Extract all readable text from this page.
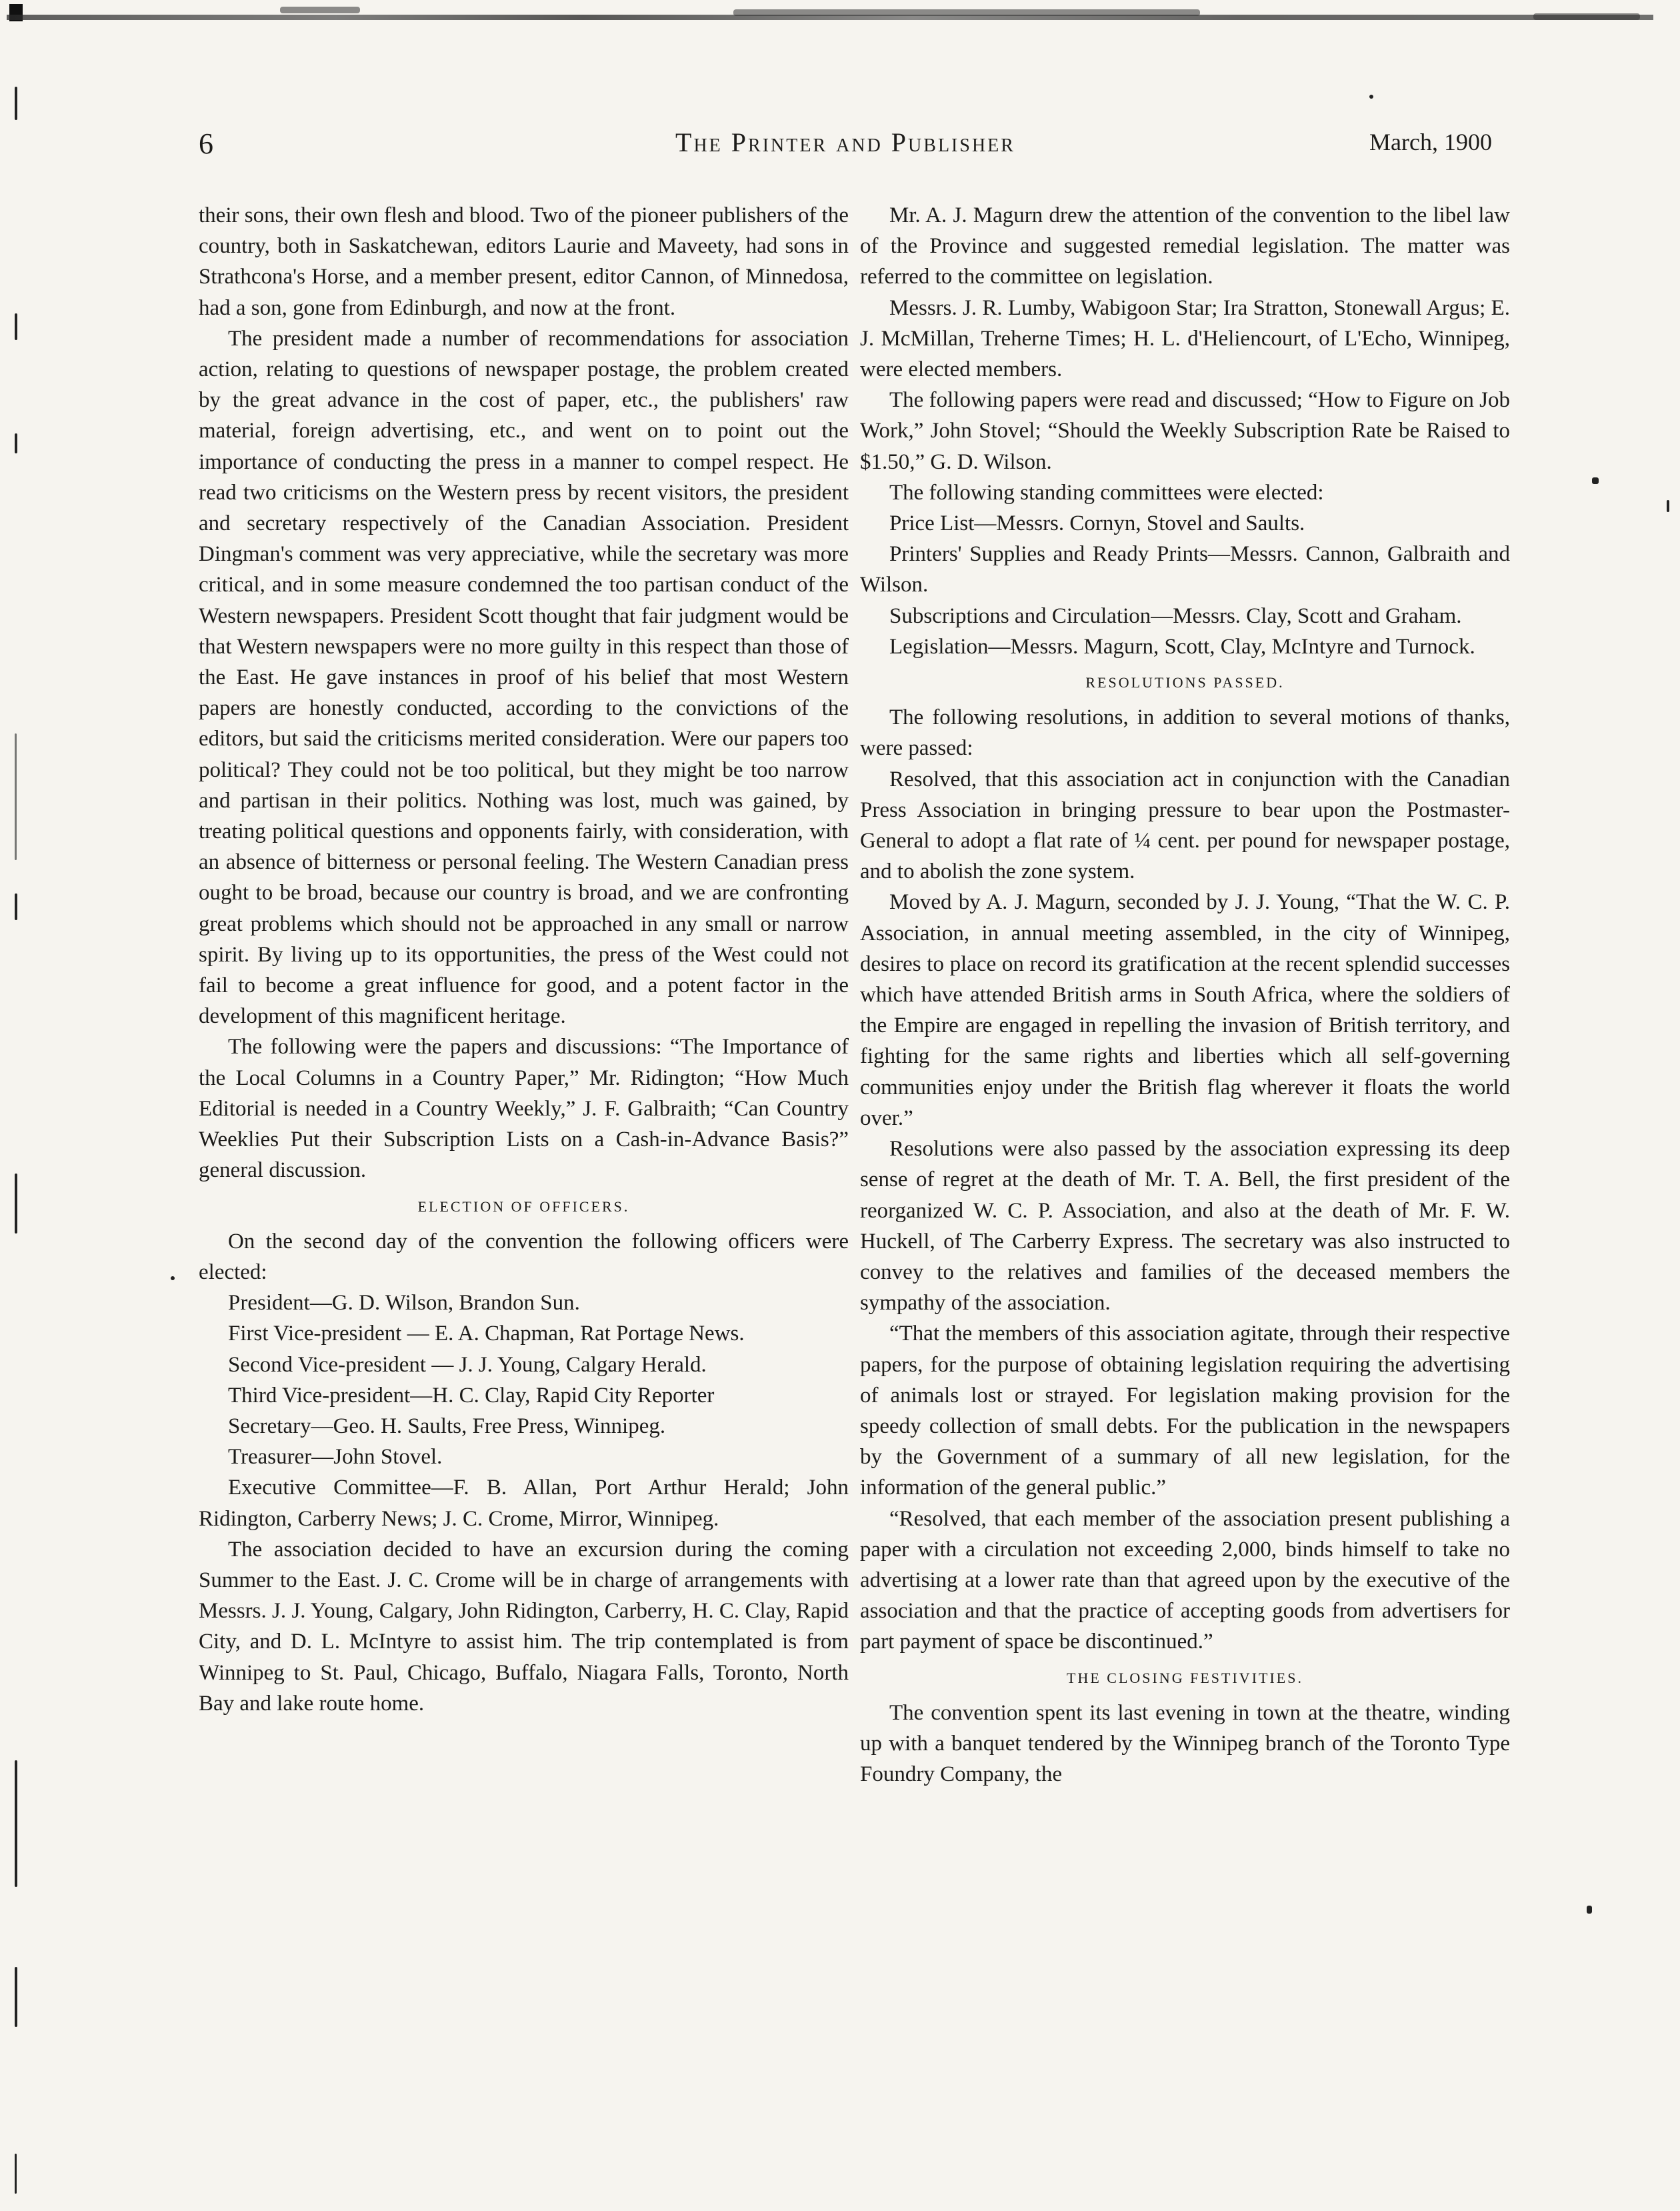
6	The Printer and Publisher	March, 1900

their sons, their own flesh and blood. Two of the pioneer publishers of the country, both in Saskatchewan, editors Laurie and Maveety, had sons in Strathcona's Horse, and a member present, editor Cannon, of Minnedosa, had a son, gone from Edinburgh, and now at the front.

The president made a number of recommendations for association action, relating to questions of newspaper postage, the problem created by the great advance in the cost of paper, etc., the publishers' raw material, foreign advertising, etc., and went on to point out the importance of conducting the press in a manner to compel respect. He read two criticisms on the Western press by recent visitors, the president and secretary respectively of the Canadian Association. President Dingman's comment was very appreciative, while the secretary was more critical, and in some measure condemned the too partisan conduct of the Western newspapers. President Scott thought that fair judgment would be that Western newspapers were no more guilty in this respect than those of the East. He gave instances in proof of his belief that most Western papers are honestly conducted, according to the convictions of the editors, but said the criticisms merited consideration. Were our papers too political? They could not be too political, but they might be too narrow and partisan in their politics. Nothing was lost, much was gained, by treating political questions and opponents fairly, with consideration, with an absence of bitterness or personal feeling. The Western Canadian press ought to be broad, because our country is broad, and we are confronting great problems which should not be approached in any small or narrow spirit. By living up to its opportunities, the press of the West could not fail to become a great influence for good, and a potent factor in the development of this magnificent heritage.

The following were the papers and discussions: “The Importance of the Local Columns in a Country Paper,” Mr. Ridington; “How Much Editorial is needed in a Country Weekly,” J. F. Galbraith; “Can Country Weeklies Put their Subscription Lists on a Cash-in-Advance Basis?” general discussion.

ELECTION OF OFFICERS.

On the second day of the convention the following officers were elected:

President—G. D. Wilson, Brandon Sun.

First Vice-president — E. A. Chapman, Rat Portage News.

Second Vice-president — J. J. Young, Calgary Herald.

Third Vice-president—H. C. Clay, Rapid City Reporter

Secretary—Geo. H. Saults, Free Press, Winnipeg.

Treasurer—John Stovel.

Executive Committee—F. B. Allan, Port Arthur Herald; John Ridington, Carberry News; J. C. Crome, Mirror, Winnipeg.

The association decided to have an excursion during the coming Summer to the East. J. C. Crome will be in charge of arrangements with Messrs. J. J. Young, Calgary, John Ridington, Carberry, H. C. Clay, Rapid City, and D. L. McIntyre to assist him. The trip contemplated is from Winnipeg to St. Paul, Chicago, Buffalo, Niagara Falls, Toronto, North Bay and lake route home.

Mr. A. J. Magurn drew the attention of the convention to the libel law of the Province and suggested remedial legislation. The matter was referred to the committee on legislation.

Messrs. J. R. Lumby, Wabigoon Star; Ira Stratton, Stonewall Argus; E. J. McMillan, Treherne Times; H. L. d'Heliencourt, of L'Echo, Winnipeg, were elected members.

The following papers were read and discussed; “How to Figure on Job Work,” John Stovel; “Should the Weekly Subscription Rate be Raised to $1.50,” G. D. Wilson.

The following standing committees were elected:

Price List—Messrs. Cornyn, Stovel and Saults.

Printers' Supplies and Ready Prints—Messrs. Cannon, Galbraith and Wilson.

Subscriptions and Circulation—Messrs. Clay, Scott and Graham.

Legislation—Messrs. Magurn, Scott, Clay, McIntyre and Turnock.

RESOLUTIONS PASSED.

The following resolutions, in addition to several motions of thanks, were passed:

Resolved, that this association act in conjunction with the Canadian Press Association in bringing pressure to bear upon the Postmaster-General to adopt a flat rate of ¼ cent. per pound for newspaper postage, and to abolish the zone system.

Moved by A. J. Magurn, seconded by J. J. Young, “That the W. C. P. Association, in annual meeting assembled, in the city of Winnipeg, desires to place on record its gratification at the recent splendid successes which have attended British arms in South Africa, where the soldiers of the Empire are engaged in repelling the invasion of British territory, and fighting for the same rights and liberties which all self-governing communities enjoy under the British flag wherever it floats the world over.”

Resolutions were also passed by the association expressing its deep sense of regret at the death of Mr. T. A. Bell, the first president of the reorganized W. C. P. Association, and also at the death of Mr. F. W. Huckell, of The Carberry Express. The secretary was also instructed to convey to the relatives and families of the deceased members the sympathy of the association.

“That the members of this association agitate, through their respective papers, for the purpose of obtaining legislation requiring the advertising of animals lost or strayed. For legislation making provision for the speedy collection of small debts. For the publication in the newspapers by the Government of a summary of all new legislation, for the information of the general public.”

“Resolved, that each member of the association present publishing a paper with a circulation not exceeding 2,000, binds himself to take no advertising at a lower rate than that agreed upon by the executive of the association and that the practice of accepting goods from advertisers for part payment of space be discontinued.”

THE CLOSING FESTIVITIES.

The convention spent its last evening in town at the theatre, winding up with a banquet tendered by the Winnipeg branch of the Toronto Type Foundry Company, the
